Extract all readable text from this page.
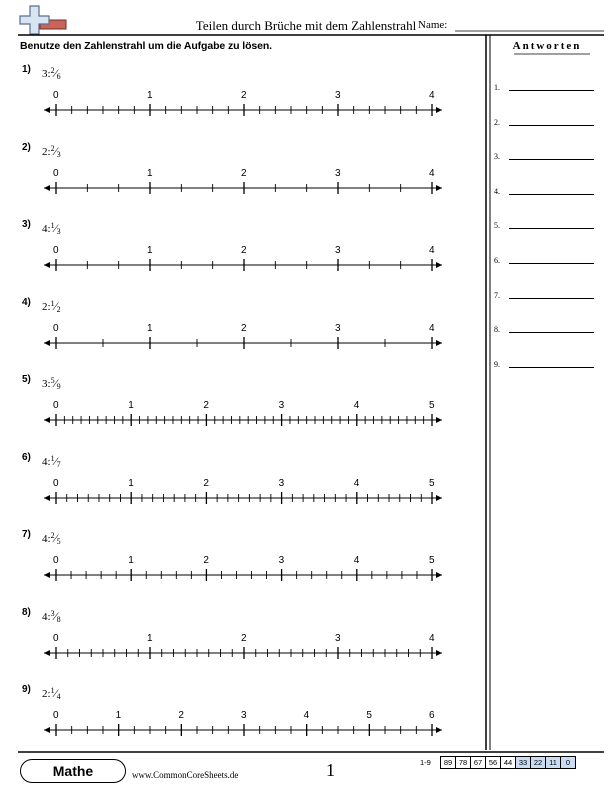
Teilen durch Brüche mit dem Zahlenstrahl Name:
Benutze den Zahlenstrahl um die Aufgabe zu lösen.
1) 3:$^2$⁄6
0	1	2	3	4
2) 2:$^2$⁄3
0	1	2	3	4
3) 4:$^1$⁄3
0	1	2	3	4
4) 2:$^1$⁄2
0	1	2	3	4
5) 3:$^5$⁄9
0	1	2	3	4	5
6) 4:$^1$⁄7
0	1	2	3	4	5
7) 4:$^2$⁄5
0	1	2	3	4	5
8) 4:$^3$⁄8
0	1	2	3	4
9) 2:$^1$⁄4
0	1	2	3	4	5	6
Antworten
1.
2.
3.
4.
5.
6.
7.
8.
9.
Mathe	www.CommonCoreSheets.de	1	1-9 89	78	67	56	44	33	22	11	0
